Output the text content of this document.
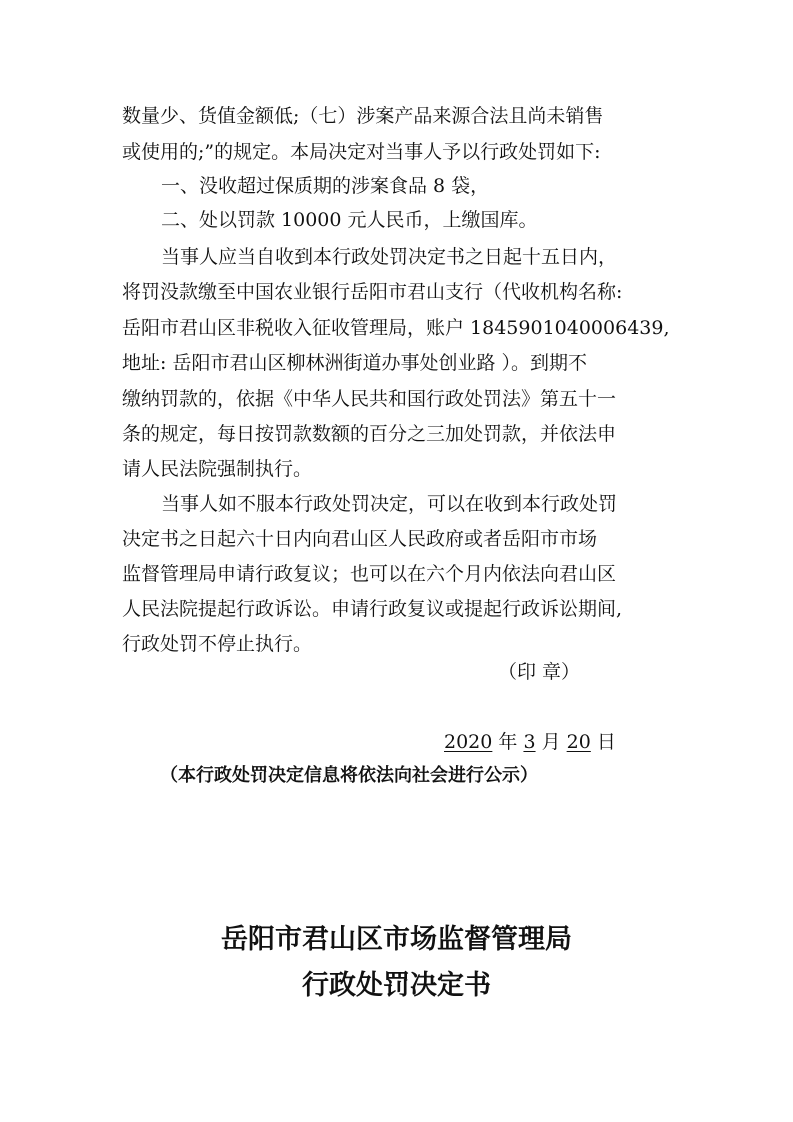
数量少、货值金额低;（七）涉案产品来源合法且尚未销售
或使用的;”的规定。本局决定对当事人予以行政处罚如下:
一、没收超过保质期的涉案食品 8 袋，
二、处以罚款 10000 元人民币，上缴国库。
当事人应当自收到本行政处罚决定书之日起十五日内，
将罚没款缴至中国农业银行岳阳市君山支行（代收机构名称:
岳阳市君山区非税收入征收管理局，账户 1845901040006439,
地址: 岳阳市君山区柳林洲街道办事处创业路 ）。到期不
缴纳罚款的，依据《中华人民共和国行政处罚法》第五十一
条的规定，每日按罚款数额的百分之三加处罚款，并依法申
请人民法院强制执行。
当事人如不服本行政处罚决定，可以在收到本行政处罚
决定书之日起六十日内向君山区人民政府或者岳阳市市场
监督管理局申请行政复议；也可以在六个月内依法向君山区
人民法院提起行政诉讼。申请行政复议或提起行政诉讼期间,
行政处罚不停止执行。
（印 章）
2020 年 3 月 20 日
（本行政处罚决定信息将依法向社会进行公示）
岳阳市君山区市场监督管理局
行政处罚决定书
